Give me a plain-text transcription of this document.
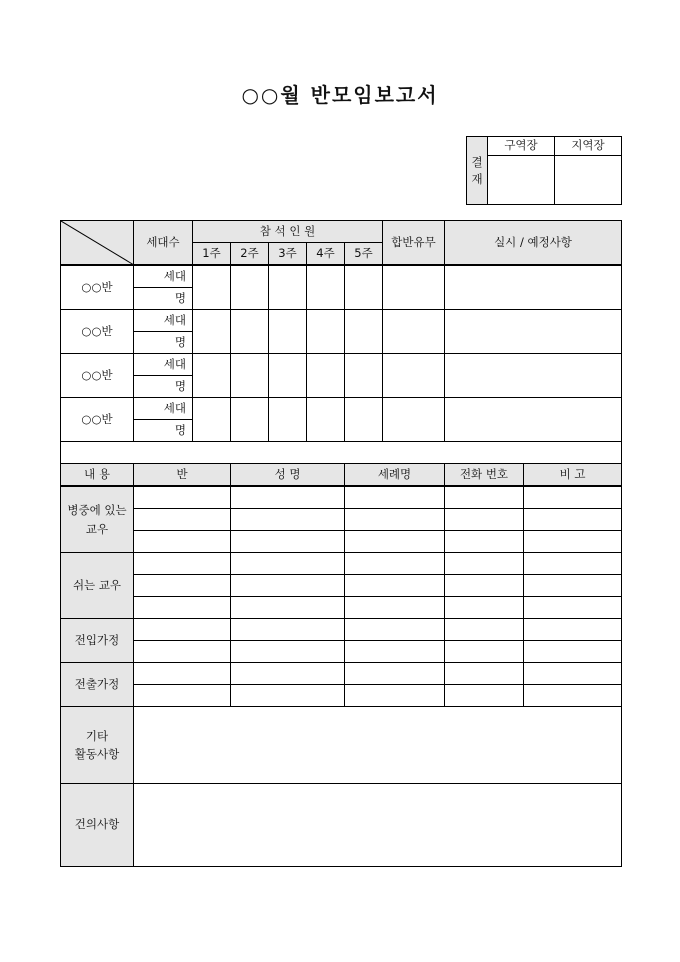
○○월 반모임보고서
결 재	구역장	지역장

	세대수	참 석 인 원					합반유무	실시 / 예정사항	
		1주	2주	3주	4주	5주			
○○반	세대								
	명								
○○반	세대								
	명								
○○반	세대								
	명								
○○반	세대								
	명								

내 용	반		성 명			세례명		전화 번호	비 고
병중에 있는
교우									

쉬는 교우									

전입가정									

전출가정									

기타
활동사항									
건의사항									
